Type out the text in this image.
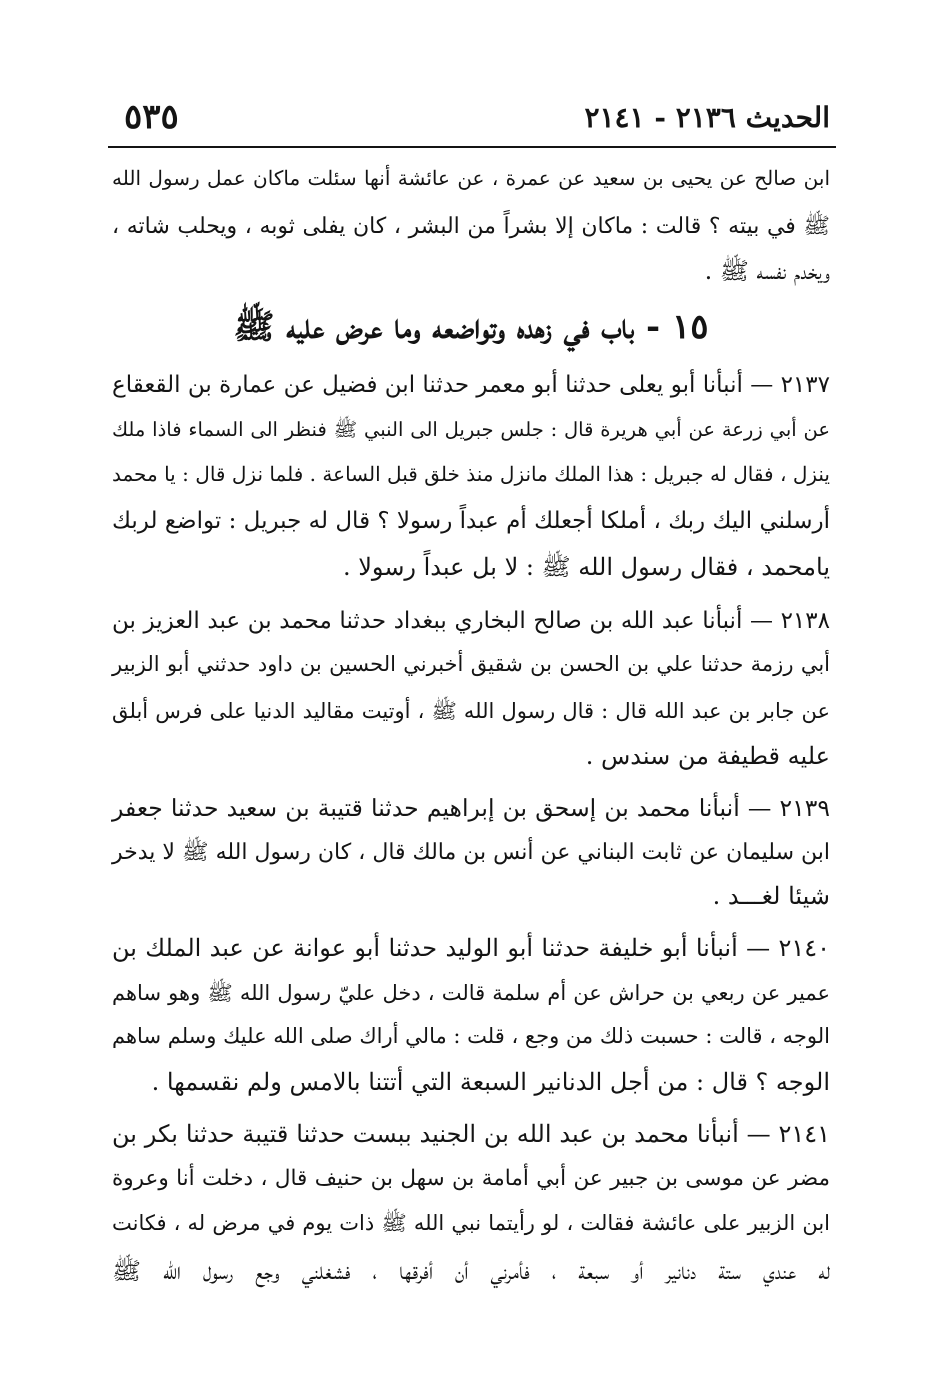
الحديث ٢١٣٦ - ٢١٤١
٥٣٥
ابن صالح عن يحيى بن سعيد عن عمرة ، عن عائشة أنها سئلت ماكان عمل رسول الله
ﷺ في بيته ؟ قالت : ماكان إلا بشراً من البشر ، كان يفلى ثوبه ، ويحلب شاته ،
ويخدم نفسه ﷺ .
١٥ - باب في زهده وتواضعه وما عرض عليه ﷺ
٢١٣٧ — أنبأنا أبو يعلى حدثنا أبو معمر حدثنا ابن فضيل عن عمارة بن القعقاع
عن أبي زرعة عن أبي هريرة قال : جلس جبريل الى النبي ﷺ فنظر الى السماء فاذا ملك
ينزل ، فقال له جبريل : هذا الملك مانزل منذ خلق قبل الساعة . فلما نزل قال : يا محمد
أرسلني اليك ربك ، أملكا أجعلك أم عبداً رسولا ؟ قال له جبريل : تواضع لربك
يامحمد ، فقال رسول الله ﷺ : لا بل عبداً رسولا .
٢١٣٨ — أنبأنا عبد الله بن صالح البخاري ببغداد حدثنا محمد بن عبد العزيز بن
أبي رزمة حدثنا علي بن الحسن بن شقيق أخبرني الحسين بن داود حدثني أبو الزبير
عن جابر بن عبد الله قال : قال رسول الله ﷺ ، أوتيت مقاليد الدنيا على فرس أبلق
عليه قطيفة من سندس .
٢١٣٩ — أنبأنا محمد بن إسحق بن إبراهيم حدثنا قتيبة بن سعيد حدثنا جعفر
ابن سليمان عن ثابت البناني عن أنس بن مالك قال ، كان رسول الله ﷺ لا يدخر
شيئا لغـــد .
٢١٤٠ — أنبأنا أبو خليفة حدثنا أبو الوليد حدثنا أبو عوانة عن عبد الملك بن
عمير عن ربعي بن حراش عن أم سلمة قالت ، دخل عليّ رسول الله ﷺ وهو ساهم
الوجه ، قالت : حسبت ذلك من وجع ، قلت : مالي أراك صلى الله عليك وسلم ساهم
الوجه ؟ قال : من أجل الدنانير السبعة التي أتتنا بالامس ولم نقسمها .
٢١٤١ — أنبأنا محمد بن عبد الله بن الجنيد ببست حدثنا قتيبة حدثنا بكر بن
مضر عن موسى بن جبير عن أبي أمامة بن سهل بن حنيف قال ، دخلت أنا وعروة
ابن الزبير على عائشة فقالت ، لو رأيتما نبي الله ﷺ ذات يوم في مرض له ، فكانت
له عندي ستة دنانير أو سبعة ، فأمرني أن أفرقها ، فشغلني وجع رسول الله ﷺ
